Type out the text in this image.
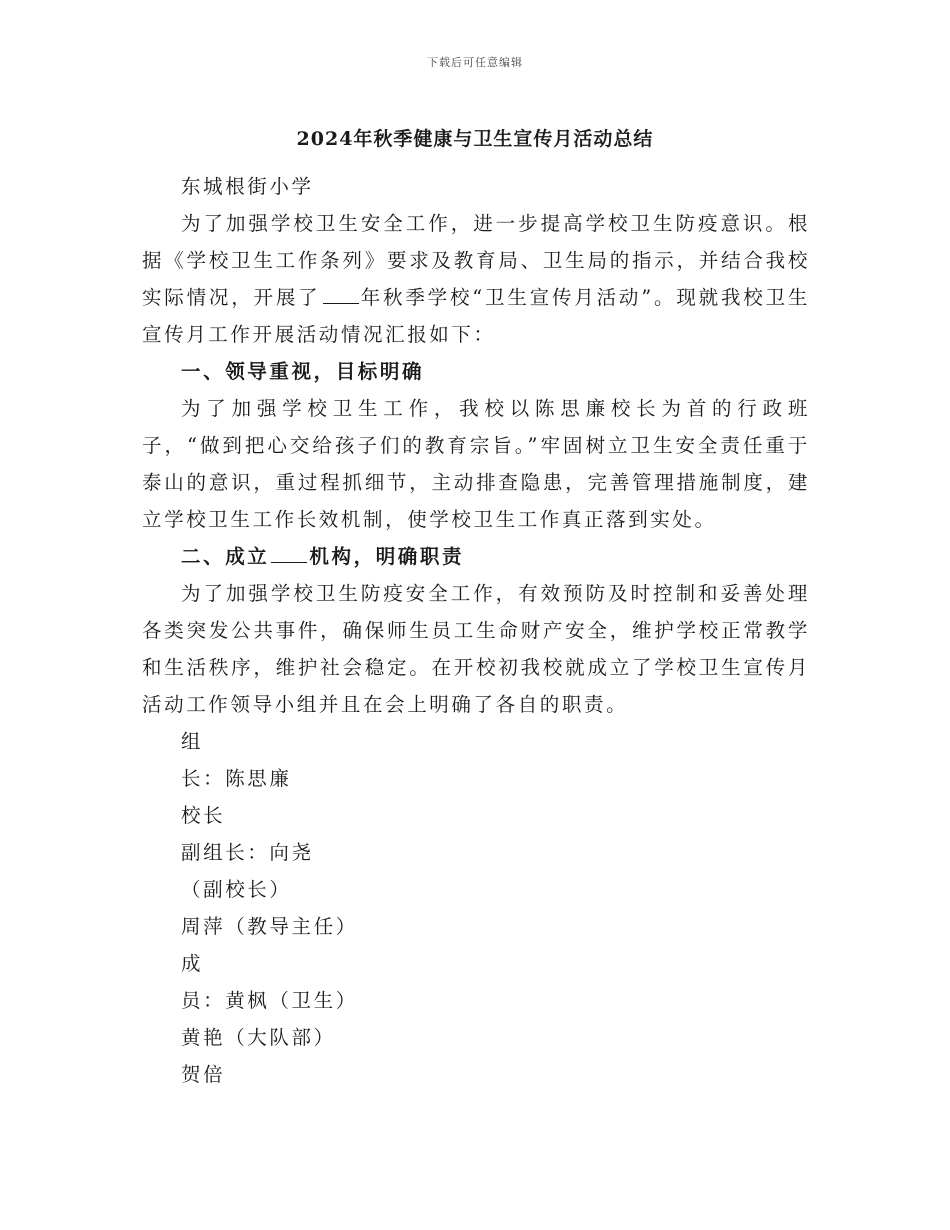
下载后可任意编辑
2024年秋季健康与卫生宣传月活动总结

东城根街小学

为了加强学校卫生安全工作，进一步提高学校卫生防疫意识。根据《学校卫生工作条列》要求及教育局、卫生局的指示，并结合我校实际情况，开展了 年秋季学校“卫生宣传月活动”。现就我校卫生宣传月工作开展活动情况汇报如下：

一、领导重视，目标明确

为了加强学校卫生工作，我校以陈思廉校长为首的行政班子，“做到把心交给孩子们的教育宗旨。”牢固树立卫生安全责任重于泰山的意识，重过程抓细节，主动排查隐患，完善管理措施制度，建立学校卫生工作长效机制，使学校卫生工作真正落到实处。

二、成立 机构，明确职责

为了加强学校卫生防疫安全工作，有效预防及时控制和妥善处理各类突发公共事件，确保师生员工生命财产安全，维护学校正常教学和生活秩序，维护社会稳定。在开校初我校就成立了学校卫生宣传月活动工作领导小组并且在会上明确了各自的职责。

组

长：陈思廉

校长

副组长：向尧

（副校长）

周萍（教导主任）

成

员：黄枫（卫生）

黄艳（大队部）

贺倍
